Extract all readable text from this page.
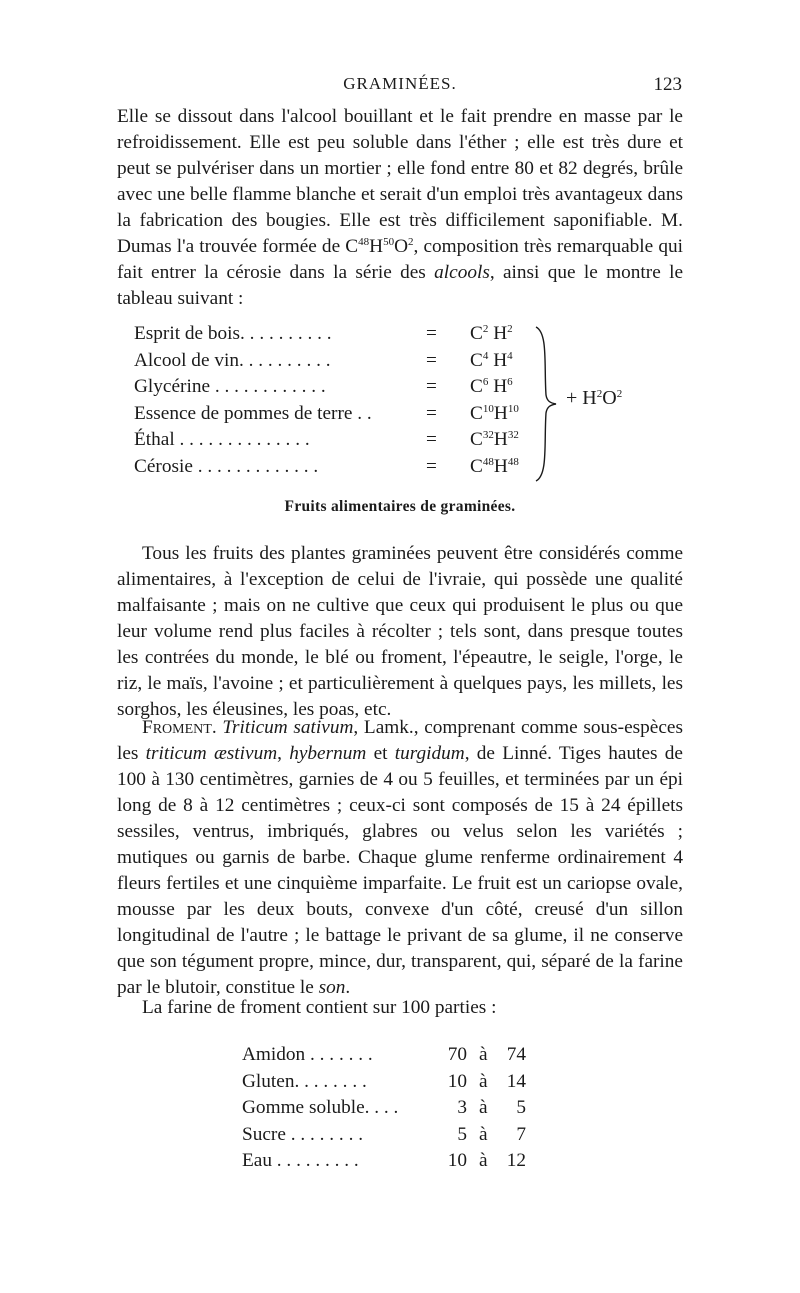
GRAMINÉES.	123

Elle se dissout dans l'alcool bouillant et le fait prendre en masse par le refroidissement. Elle est peu soluble dans l'éther ; elle est très dure et peut se pulvériser dans un mortier ; elle fond entre 80 et 82 degrés, brûle avec une belle flamme blanche et serait d'un emploi très avantageux dans la fabrication des bougies. Elle est très difficilement saponifiable. M. Dumas l'a trouvée formée de $C^{48}H^{50}O^2$, composition très remarquable qui fait entrer la cérosie dans la série des alcools, ainsi que le montre le tableau suivant :

Esprit de bois. . . . . . . . . .	= $C^2$ $H^2$
Alcool de vin. . . . . . . . . .	= $C^4$ $H^4$
Glycérine . . . . . . . . . . . .	= $C^6$ $H^6$
Essence de pommes de terre . .	= $C^{10}H^{10}$
Éthal . . . . . . . . . . . . . .	= $C^{32}H^{32}$
Cérosie . . . . . . . . . . . . .	= $C^{48}H^{48}$
+ $H^2O^2$
Fruits alimentaires de graminées.

Tous les fruits des plantes graminées peuvent être considérés comme alimentaires, à l'exception de celui de l'ivraie, qui possède une qualité malfaisante ; mais on ne cultive que ceux qui produisent le plus ou que leur volume rend plus faciles à récolter ; tels sont, dans presque toutes les contrées du monde, le blé ou froment, l'épeautre, le seigle, l'orge, le riz, le maïs, l'avoine ; et particulièrement à quelques pays, les millets, les sorghos, les éleusines, les poas, etc.

Froment. Triticum sativum, Lamk., comprenant comme sous-espèces les triticum æstivum, hybernum et turgidum, de Linné. Tiges hautes de 100 à 130 centimètres, garnies de 4 ou 5 feuilles, et terminées par un épi long de 8 à 12 centimètres ; ceux-ci sont composés de 15 à 24 épillets sessiles, ventrus, imbriqués, glabres ou velus selon les variétés ; mutiques ou garnis de barbe. Chaque glume renferme ordinairement 4 fleurs fertiles et une cinquième imparfaite. Le fruit est un cariopse ovale, mousse par les deux bouts, convexe d'un côté, creusé d'un sillon longitudinal de l'autre ; le battage le privant de sa glume, il ne conserve que son tégument propre, mince, dur, transparent, qui, séparé de la farine par le blutoir, constitue le son.

La farine de froment contient sur 100 parties :

Amidon . . . . . . .	70 à 74
Gluten. . . . . . . .	10 à 14
Gomme soluble. . . .	3 à	5
Sucre . . . . . . . .	5 à	7
Eau . . . . . . . . .	10 à 12
